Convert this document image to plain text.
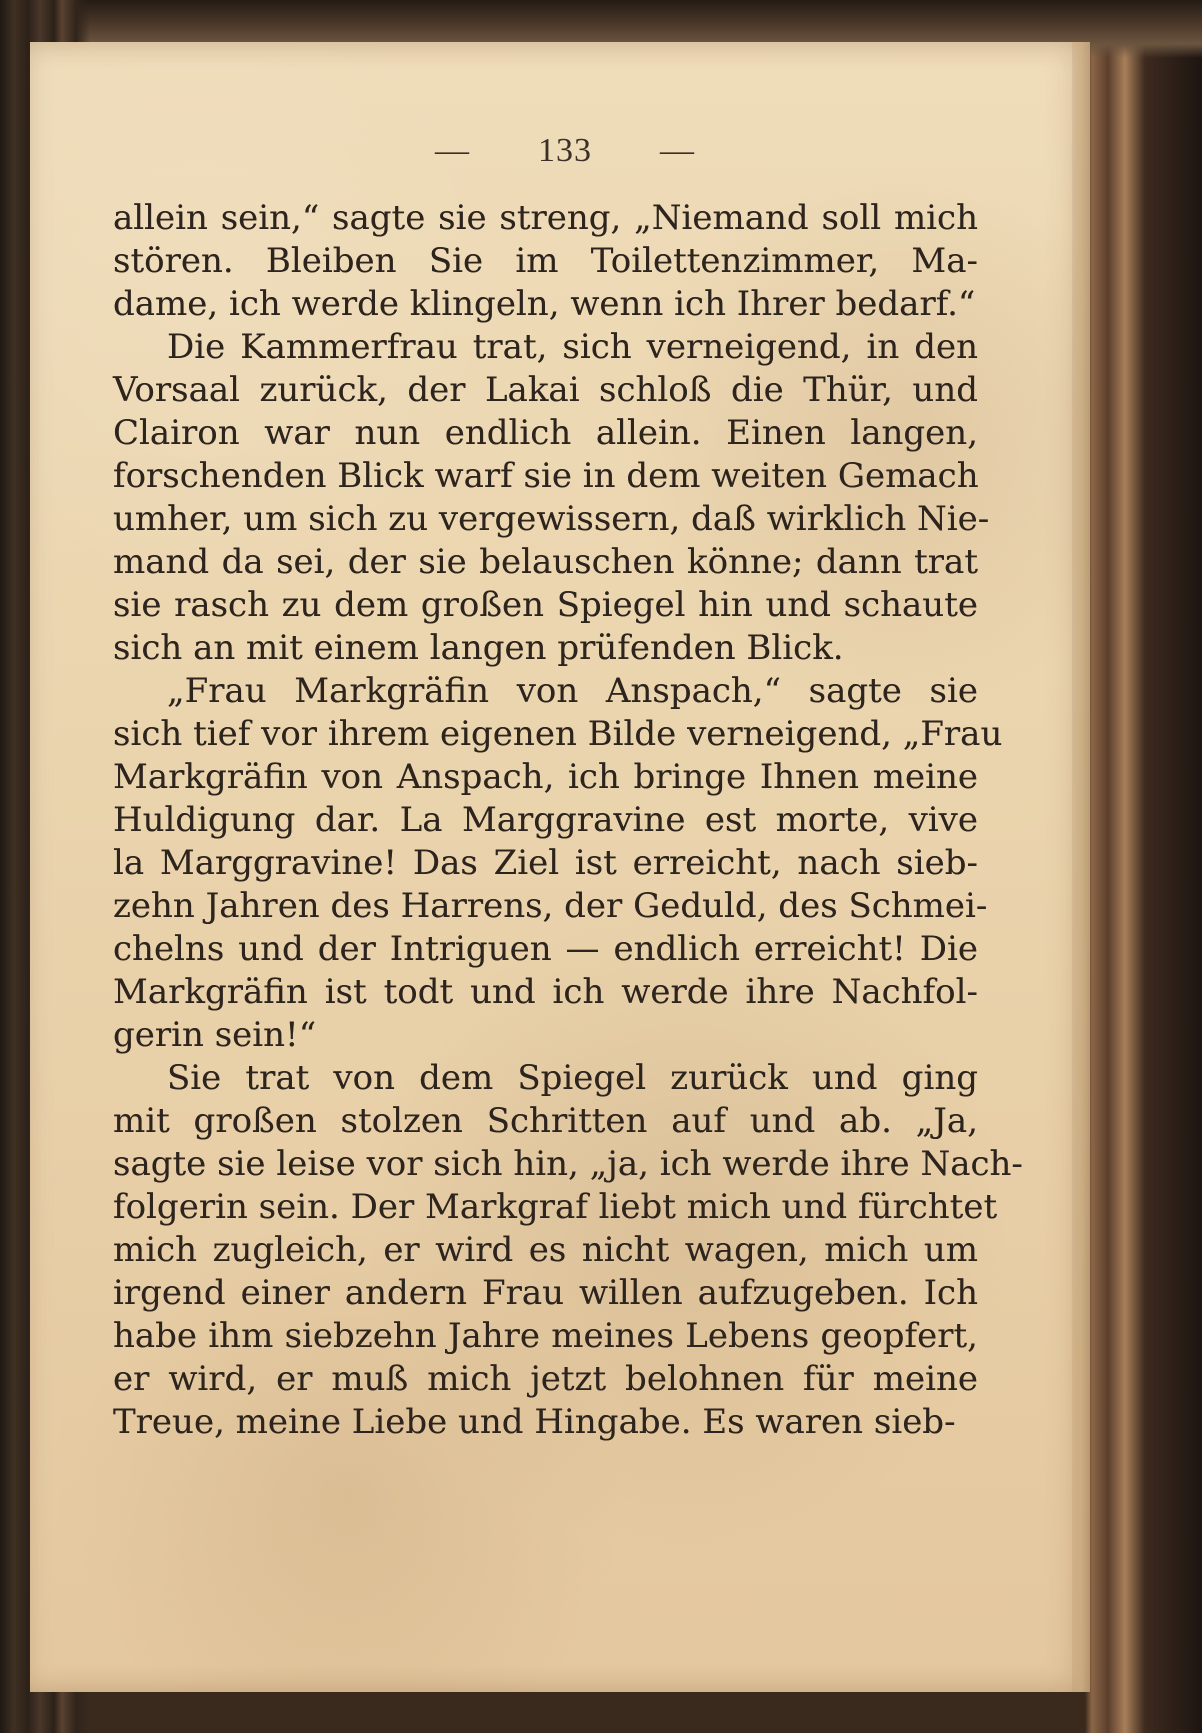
—	133	—
allein sein,“ sagte sie streng, „Niemand soll mich
stören. Bleiben Sie im Toilettenzimmer, Ma-
dame, ich werde klingeln, wenn ich Ihrer bedarf.“
Die Kammerfrau trat, sich verneigend, in den
Vorsaal zurück, der Lakai schloß die Thür, und
Clairon war nun endlich allein. Einen langen,
forschenden Blick warf sie in dem weiten Gemach
umher, um sich zu vergewissern, daß wirklich Nie-
mand da sei, der sie belauschen könne; dann trat
sie rasch zu dem großen Spiegel hin und schaute
sich an mit einem langen prüfenden Blick.
„Frau Markgräfin von Anspach,“ sagte sie
sich tief vor ihrem eigenen Bilde verneigend, „Frau
Markgräfin von Anspach, ich bringe Ihnen meine
Huldigung dar. La Marggravine est morte, vive
la Marggravine! Das Ziel ist erreicht, nach sieb-
zehn Jahren des Harrens, der Geduld, des Schmei-
chelns und der Intriguen — endlich erreicht! Die
Markgräfin ist todt und ich werde ihre Nachfol-
gerin sein!“
Sie trat von dem Spiegel zurück und ging
mit großen stolzen Schritten auf und ab. „Ja,
sagte sie leise vor sich hin, „ja, ich werde ihre Nach-
folgerin sein. Der Markgraf liebt mich und fürchtet
mich zugleich, er wird es nicht wagen, mich um
irgend einer andern Frau willen aufzugeben. Ich
habe ihm siebzehn Jahre meines Lebens geopfert,
er wird, er muß mich jetzt belohnen für meine
Treue, meine Liebe und Hingabe. Es waren sieb-
